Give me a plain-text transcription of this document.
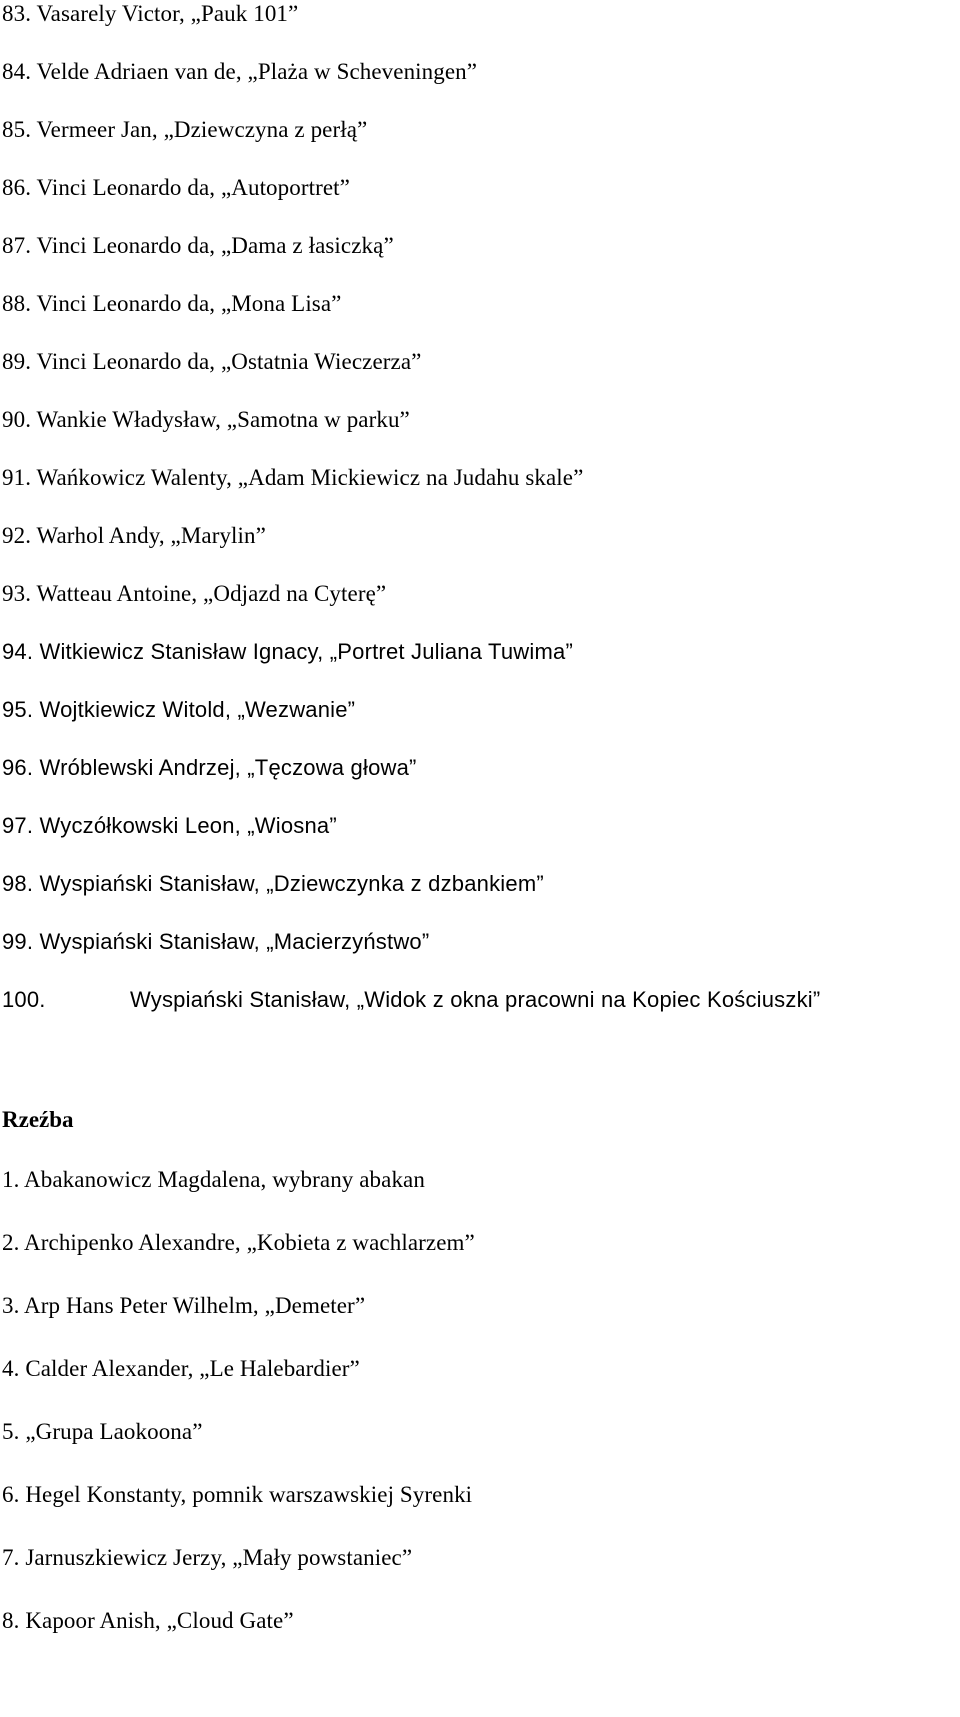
83. Vasarely Victor, „Pauk 101”
84. Velde Adriaen van de, „Plaża w Scheveningen”
85. Vermeer Jan, „Dziewczyna z perłą”
86. Vinci Leonardo da, „Autoportret”
87. Vinci Leonardo da, „Dama z łasiczką”
88. Vinci Leonardo da, „Mona Lisa”
89. Vinci Leonardo da, „Ostatnia Wieczerza”
90. Wankie Władysław, „Samotna w parku”
91. Wańkowicz Walenty, „Adam Mickiewicz na Judahu skale”
92. Warhol Andy, „Marylin”
93. Watteau Antoine, „Odjazd na Cyterę”
94. Witkiewicz Stanisław Ignacy, „Portret Juliana Tuwima”
95. Wojtkiewicz Witold, „Wezwanie”
96. Wróblewski Andrzej, „Tęczowa głowa”
97. Wyczółkowski Leon, „Wiosna”
98. Wyspiański Stanisław, „Dziewczynka z dzbankiem”
99. Wyspiański Stanisław, „Macierzyństwo”
100.	Wyspiański Stanisław, „Widok z okna pracowni na Kopiec Kościuszki”
Rzeźba
1. Abakanowicz Magdalena, wybrany abakan
2. Archipenko Alexandre, „Kobieta z wachlarzem”
3. Arp Hans Peter Wilhelm, „Demeter”
4. Calder Alexander, „Le Halebardier”
5. „Grupa Laokoona”
6. Hegel Konstanty, pomnik warszawskiej Syrenki
7. Jarnuszkiewicz Jerzy, „Mały powstaniec”
8. Kapoor Anish, „Cloud Gate”
